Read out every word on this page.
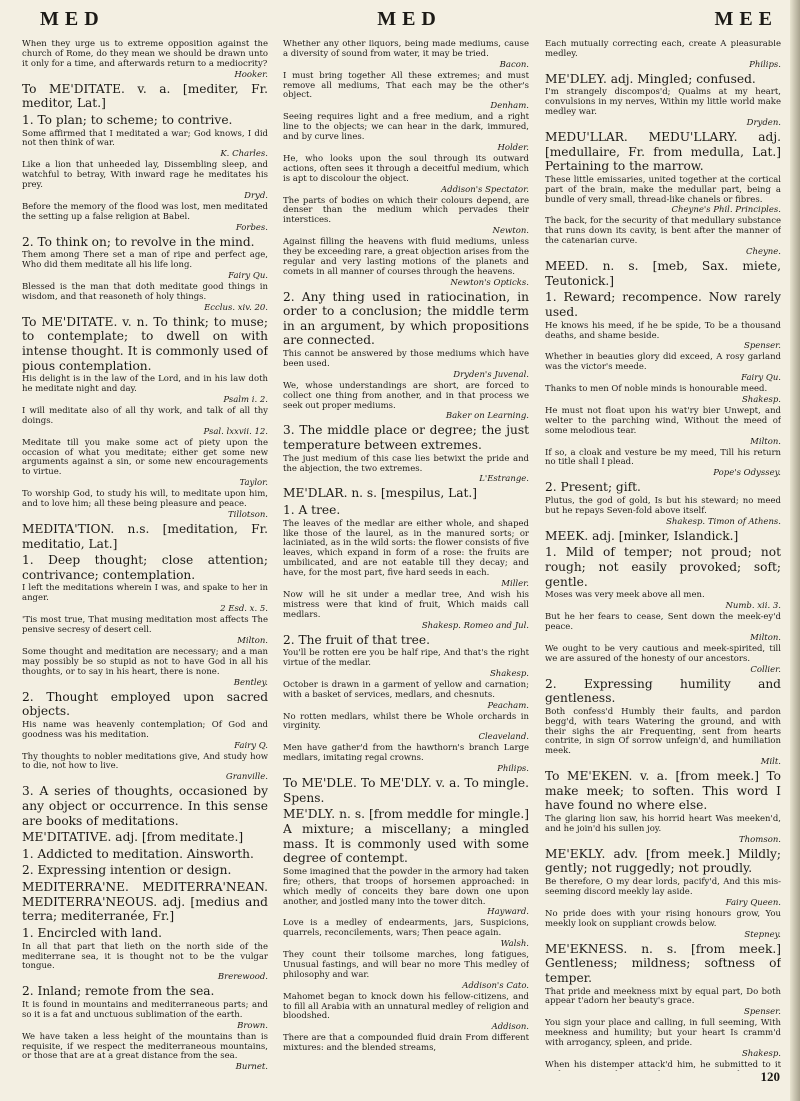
MED	MED	MEE
When they urge us to extreme opposition against the church of Rome, do they mean we should be drawn unto it only for a time, and afterwards return to a mediocrity?
Hooker.
To ME'DITATE. v. a. [mediter, Fr. meditor, Lat.]
1. To plan; to scheme; to contrive.
Some affirmed that I meditated a war; God knows, I did not then think of war.
K. Charles.
Like a lion that unheeded lay, Dissembling sleep, and watchful to betray, With inward rage he meditates his prey.
Dryd.
Before the memory of the flood was lost, men meditated the setting up a false religion at Babel.
Forbes.
2. To think on; to revolve in the mind.
Them among There set a man of ripe and perfect age, Who did them meditate all his life long.
Fairy Qu.
Blessed is the man that doth meditate good things in wisdom, and that reasoneth of holy things.
Ecclus. xiv. 20.
To ME'DITATE. v. n. To think; to muse; to contemplate; to dwell on with intense thought. It is commonly used of pious contemplation.
His delight is in the law of the Lord, and in his law doth he meditate night and day.
Psalm i. 2.
I will meditate also of all thy work, and talk of all thy doings.
Psal. lxxvii. 12.
Meditate till you make some act of piety upon the occasion of what you meditate; either get some new arguments against a sin, or some new encouragements to virtue.
Taylor.
To worship God, to study his will, to meditate upon him, and to love him; all these being pleasure and peace.
Tillotson.
MEDITA'TION. n.s. [meditation, Fr. meditatio, Lat.]
1. Deep thought; close attention; contrivance; contemplation.
I left the meditations wherein I was, and spake to her in anger.
2 Esd. x. 5.
'Tis most true, That musing meditation most affects The pensive secresy of desert cell.
Milton.
Some thought and meditation are necessary; and a man may possibly be so stupid as not to have God in all his thoughts, or to say in his heart, there is none.
Bentley.
2. Thought employed upon sacred objects.
His name was heavenly contemplation; Of God and goodness was his meditation.
Fairy Q.
Thy thoughts to nobler meditations give, And study how to die, not how to live.
Granville.
3. A series of thoughts, occasioned by any object or occurrence. In this sense are books of meditations.
ME'DITATIVE. adj. [from meditate.]
1. Addicted to meditation. Ainsworth.
2. Expressing intention or design.
MEDITERRA'NE. MEDITERRA'NEAN. MEDITERRA'NEOUS. adj. [medius and terra; mediterranée, Fr.]
1. Encircled with land.
In all that part that lieth on the north side of the mediterrane sea, it is thought not to be the vulgar tongue.
Brerewood.
2. Inland; remote from the sea.
It is found in mountains and mediterraneous parts; and so it is a fat and unctuous sublimation of the earth.
Brown.
We have taken a less height of the mountains than is requisite, if we respect the mediterraneous mountains, or those that are at a great distance from the sea.
Burnet.
Whether any other liquors, being made mediums, cause a diversity of sound from water, it may be tried.
Bacon.
I must bring together All these extremes; and must remove all mediums, That each may be the other's object.
Denham.
Seeing requires light and a free medium, and a right line to the objects; we can hear in the dark, immured, and by curve lines.
Holder.
He, who looks upon the soul through its outward actions, often sees it through a deceitful medium, which is apt to discolour the object.
Addison's Spectator.
The parts of bodies on which their colours depend, are denser than the medium which pervades their interstices.
Newton.
Against filling the heavens with fluid mediums, unless they be exceeding rare, a great objection arises from the regular and very lasting motions of the planets and comets in all manner of courses through the heavens.
Newton's Opticks.
2. Any thing used in ratiocination, in order to a conclusion; the middle term in an argument, by which propositions are connected.
This cannot be answered by those mediums which have been used.
Dryden's Juvenal.
We, whose understandings are short, are forced to collect one thing from another, and in that process we seek out proper mediums.
Baker on Learning.
3. The middle place or degree; the just temperature between extremes.
The just medium of this case lies betwixt the pride and the abjection, the two extremes.
L'Estrange.
ME'DLAR. n. s. [mespilus, Lat.]
1. A tree.
The leaves of the medlar are either whole, and shaped like those of the laurel, as in the manured sorts; or laciniated, as in the wild sorts: the flower consists of five leaves, which expand in form of a rose: the fruits are umbilicated, and are not eatable till they decay; and have, for the most part, five hard seeds in each.
Miller.
Now will he sit under a medlar tree, And wish his mistress were that kind of fruit, Which maids call medlars.
Shakesp. Romeo and Jul.
2. The fruit of that tree.
You'll be rotten ere you be half ripe, And that's the right virtue of the medlar.
Shakesp.
October is drawn in a garment of yellow and carnation; with a basket of services, medlars, and chesnuts.
Peacham.
No rotten medlars, whilst there be Whole orchards in virginity.
Cleaveland.
Men have gather'd from the hawthorn's branch Large medlars, imitating regal crowns.
Philips.
To ME'DLE. To ME'DLY. v. a. To mingle. Spens.
ME'DLY. n. s. [from meddle for mingle.] A mixture; a miscellany; a mingled mass. It is commonly used with some degree of contempt.
Some imagined that the powder in the armory had taken fire; others, that troops of horsemen approached: in which medly of conceits they bare down one upon another, and jostled many into the tower ditch.
Hayward.
Love is a medley of endearments, jars, Suspicions, quarrels, reconcilements, wars; Then peace again.
Walsh.
They count their toilsome marches, long fatigues, Unusual fastings, and will bear no more This medley of philosophy and war.
Addison's Cato.
Mahomet began to knock down his fellow-citizens, and to fill all Arabia with an unnatural medley of religion and bloodshed.
Addison.
There are that a compounded fluid drain From different mixtures: and the blended streams,
Each mutually correcting each, create A pleasurable medley.
Philips.
ME'DLEY. adj. Mingled; confused.
I'm strangely discompos'd; Qualms at my heart, convulsions in my nerves, Within my little world make medley war.
Dryden.
MEDU'LLAR. MEDU'LLARY. adj. [medullaire, Fr. from medulla, Lat.] Pertaining to the marrow.
These little emissaries, united together at the cortical part of the brain, make the medullar part, being a bundle of very small, thread-like chanels or fibres.
Cheyne's Phil. Principles.
The back, for the security of that medullary substance that runs down its cavity, is bent after the manner of the catenarian curve.
Cheyne.
MEED. n. s. [meb, Sax. miete, Teutonick.]
1. Reward; recompence. Now rarely used.
He knows his meed, if he be spide, To be a thousand deaths, and shame beside.
Spenser.
Whether in beauties glory did exceed, A rosy garland was the victor's meede.
Fairy Qu.
Thanks to men Of noble minds is honourable meed.
Shakesp.
He must not float upon his wat'ry bier Unwept, and welter to the parching wind, Without the meed of some melodious tear.
Milton.
If so, a cloak and vesture be my meed, Till his return no title shall I plead.
Pope's Odyssey.
2. Present; gift.
Plutus, the god of gold, Is but his steward; no meed but he repays Seven-fold above itself.
Shakesp. Timon of Athens.
MEEK. adj. [minker, Islandick.]
1. Mild of temper; not proud; not rough; not easily provoked; soft; gentle.
Moses was very meek above all men.
Numb. xii. 3.
But he her fears to cease, Sent down the meek-ey'd peace.
Milton.
We ought to be very cautious and meek-spirited, till we are assured of the honesty of our ancestors.
Collier.
2. Expressing humility and gentleness.
Both confess'd Humbly their faults, and pardon begg'd, with tears Watering the ground, and with their sighs the air Frequenting, sent from hearts contrite, in sign Of sorrow unfeign'd, and humiliation meek.
Milt.
To ME'EKEN. v. a. [from meek.] To make meek; to soften. This word I have found no where else.
The glaring lion saw, his horrid heart Was meeken'd, and he join'd his sullen joy.
Thomson.
ME'EKLY. adv. [from meek.] Mildly; gently; not ruggedly; not proudly.
Be therefore, O my dear lords, pacify'd, And this mis-seeming discord meekly lay aside.
Fairy Queen.
No pride does with your rising honours grow, You meekly look on suppliant crowds below.
Stepney.
ME'EKNESS. n. s. [from meek.] Gentleness; mildness; softness of temper.
That pride and meekness mixt by equal part, Do both appear t'adorn her beauty's grace.
Spenser.
You sign your place and calling, in full seeming, With meekness and humility; but your heart Is cramm'd with arrogancy, spleen, and pride.
Shakesp.
When his distemper attack'd him, he submitted to it
120
